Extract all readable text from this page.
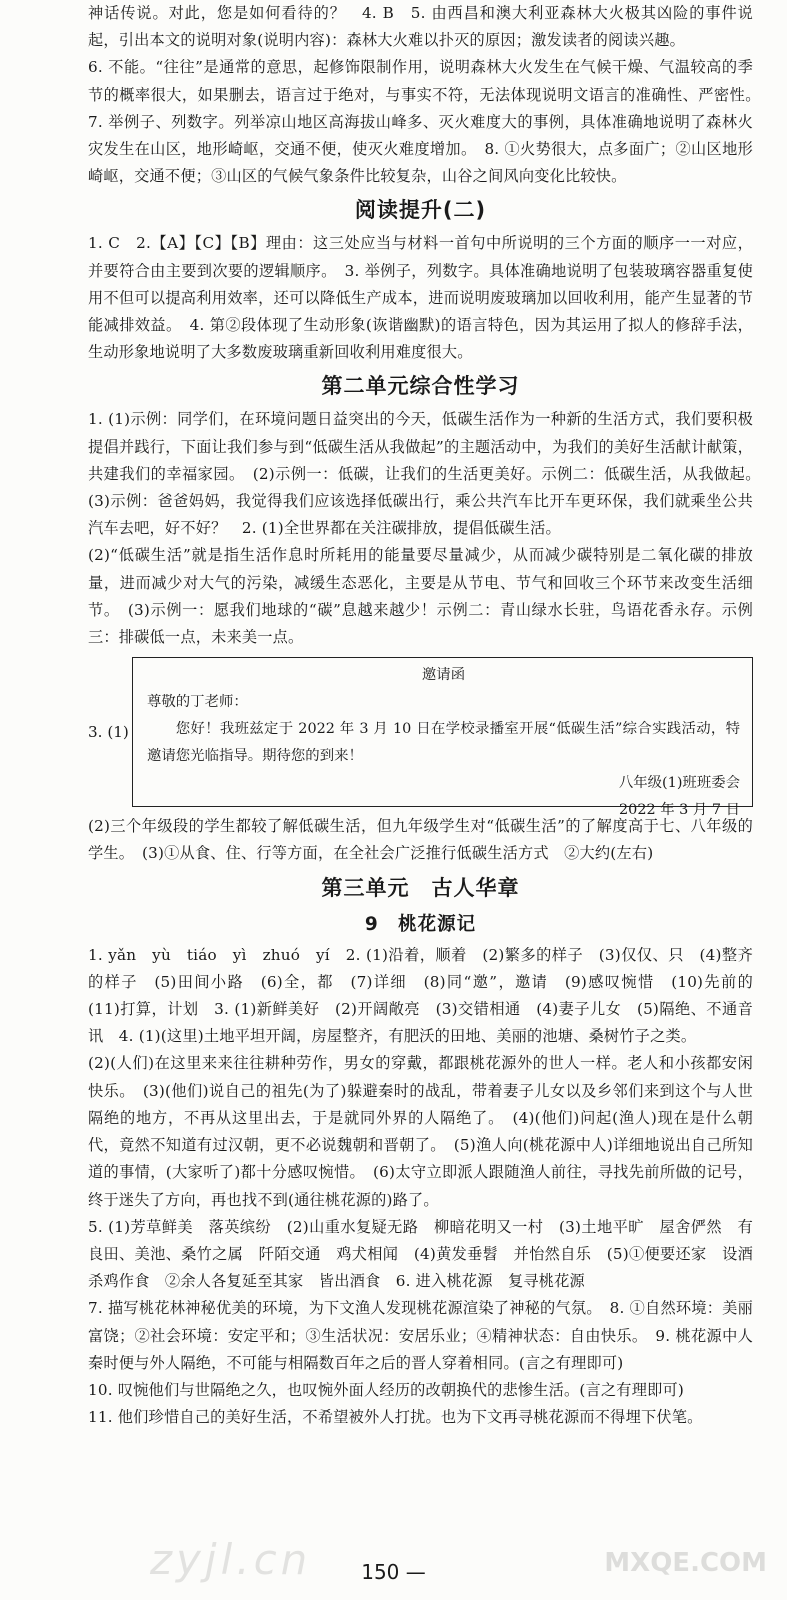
神话传说。对此，您是如何看待的？　4. B　5. 由西昌和澳大利亚森林大火极其凶险的事件说起，引出本文的说明对象(说明内容)：森林大火难以扑灭的原因；激发读者的阅读兴趣。

6. 不能。“往往”是通常的意思，起修饰限制作用，说明森林大火发生在气候干燥、气温较高的季节的概率很大，如果删去，语言过于绝对，与事实不符，无法体现说明文语言的准确性、严密性。　7. 举例子、列数字。列举凉山地区高海拔山峰多、灭火难度大的事例，具体准确地说明了森林火灾发生在山区，地形崎岖，交通不便，使灭火难度增加。　8. ①火势很大，点多面广；②山区地形崎岖，交通不便；③山区的气候气象条件比较复杂，山谷之间风向变化比较快。

阅读提升(二)

1. C　2.【A】【C】【B】理由：这三处应当与材料一首句中所说明的三个方面的顺序一一对应，并要符合由主要到次要的逻辑顺序。　3. 举例子，列数字。具体准确地说明了包装玻璃容器重复使用不但可以提高利用效率，还可以降低生产成本，进而说明废玻璃加以回收利用，能产生显著的节能减排效益。　4. 第②段体现了生动形象(诙谐幽默)的语言特色，因为其运用了拟人的修辞手法，生动形象地说明了大多数废玻璃重新回收利用难度很大。

第二单元综合性学习

1. (1)示例：同学们，在环境问题日益突出的今天，低碳生活作为一种新的生活方式，我们要积极提倡并践行，下面让我们参与到“低碳生活从我做起”的主题活动中，为我们的美好生活献计献策，共建我们的幸福家园。　(2)示例一：低碳，让我们的生活更美好。示例二：低碳生活，从我做起。　(3)示例：爸爸妈妈，我觉得我们应该选择低碳出行，乘公共汽车比开车更环保，我们就乘坐公共汽车去吧，好不好？　2. (1)全世界都在关注碳排放，提倡低碳生活。

(2)“低碳生活”就是指生活作息时所耗用的能量要尽量减少，从而减少碳特别是二氧化碳的排放量，进而减少对大气的污染，减缓生态恶化，主要是从节电、节气和回收三个环节来改变生活细节。　(3)示例一：愿我们地球的“碳”息越来越少！示例二：青山绿水长驻，鸟语花香永存。示例三：排碳低一点，未来美一点。

3. (1)
邀请函
尊敬的丁老师：
您好！我班兹定于 2022 年 3 月 10 日在学校录播室开展“低碳生活”综合实践活动，特邀请您光临指导。期待您的到来！
八年级(1)班班委会
2022 年 3 月 7 日

(2)三个年级段的学生都较了解低碳生活，但九年级学生对“低碳生活”的了解度高于七、八年级的学生。　(3)①从食、住、行等方面，在全社会广泛推行低碳生活方式　②大约(左右)

第三单元　古人华章
9　桃花源记

1. yǎn　yù　tiáo　yì　zhuó　yí　2. (1)沿着，顺着　(2)繁多的样子　(3)仅仅、只　(4)整齐的样子　(5)田间小路　(6)全，都　(7)详细　(8)同“邀”，邀请　(9)感叹惋惜　(10)先前的　(11)打算，计划　3. (1)新鲜美好　(2)开阔敞亮　(3)交错相通　(4)妻子儿女　(5)隔绝、不通音讯　4. (1)(这里)土地平坦开阔，房屋整齐，有肥沃的田地、美丽的池塘、桑树竹子之类。

(2)(人们)在这里来来往往耕种劳作，男女的穿戴，都跟桃花源外的世人一样。老人和小孩都安闲快乐。　(3)(他们)说自己的祖先(为了)躲避秦时的战乱，带着妻子儿女以及乡邻们来到这个与人世隔绝的地方，不再从这里出去，于是就同外界的人隔绝了。　(4)(他们)问起(渔人)现在是什么朝代，竟然不知道有过汉朝，更不必说魏朝和晋朝了。　(5)渔人向(桃花源中人)详细地说出自己所知道的事情，(大家听了)都十分感叹惋惜。　(6)太守立即派人跟随渔人前往，寻找先前所做的记号，终于迷失了方向，再也找不到(通往桃花源的)路了。

5. (1)芳草鲜美　落英缤纷　(2)山重水复疑无路　柳暗花明又一村　(3)土地平旷　屋舍俨然　有良田、美池、桑竹之属　阡陌交通　鸡犬相闻　(4)黄发垂髫　并怡然自乐　(5)①便要还家　设酒杀鸡作食　②余人各复延至其家　皆出酒食　6. 进入桃花源　复寻桃花源

7. 描写桃花林神秘优美的环境，为下文渔人发现桃花源渲染了神秘的气氛。　8. ①自然环境：美丽富饶；②社会环境：安定平和；③生活状况：安居乐业；④精神状态：自由快乐。　9. 桃花源中人秦时便与外人隔绝，不可能与相隔数百年之后的晋人穿着相同。(言之有理即可)

10. 叹惋他们与世隔绝之久，也叹惋外面人经历的改朝换代的悲惨生活。(言之有理即可)

11. 他们珍惜自己的美好生活，不希望被外人打扰。也为下文再寻桃花源而不得埋下伏笔。

zyjl.cn	MXQE.COM
150 —
